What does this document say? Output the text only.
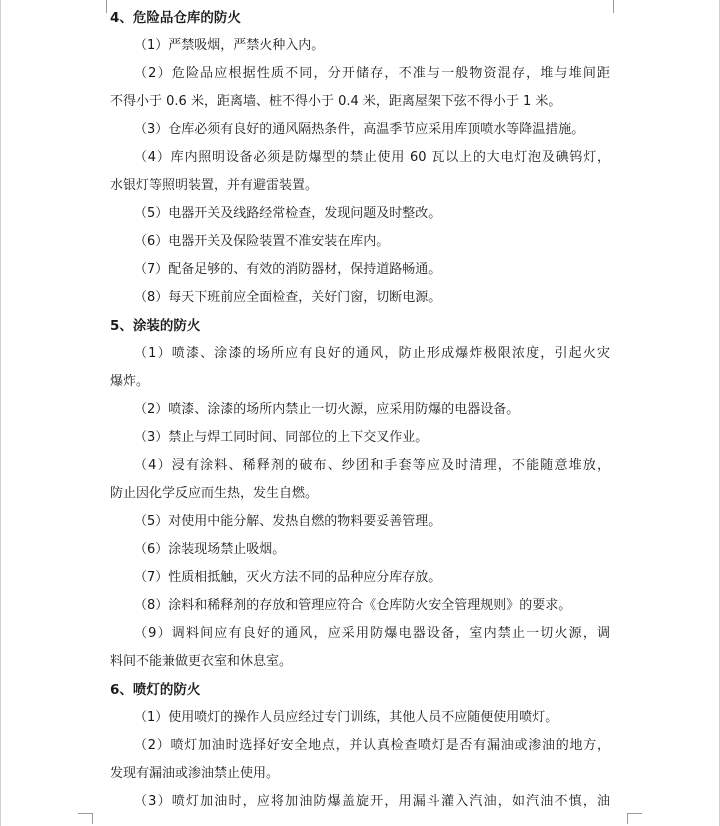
4、危险品仓库的防火
（1）严禁吸烟，严禁火种入内。
（2）危险品应根据性质不同，分开储存，不准与一般物资混存，堆与堆间距
不得小于 0.6 米，距离墙、桩不得小于 0.4 米，距离屋架下弦不得小于 1 米。
（3）仓库必须有良好的通风隔热条件，高温季节应采用库顶喷水等降温措施。
（4）库内照明设备必须是防爆型的禁止使用 60 瓦以上的大电灯泡及碘钨灯，
水银灯等照明装置，并有避雷装置。
（5）电器开关及线路经常检查，发现问题及时整改。
（6）电器开关及保险装置不准安装在库内。
（7）配备足够的、有效的消防器材，保持道路畅通。
（8）每天下班前应全面检查，关好门窗，切断电源。
5、涂装的防火
（1）喷漆、涂漆的场所应有良好的通风，防止形成爆炸极限浓度，引起火灾
爆炸。
（2）喷漆、涂漆的场所内禁止一切火源，应采用防爆的电器设备。
（3）禁止与焊工同时间、同部位的上下交叉作业。
（4）浸有涂料、稀释剂的破布、纱团和手套等应及时清理，不能随意堆放，
防止因化学反应而生热，发生自燃。
（5）对使用中能分解、发热自燃的物料要妥善管理。
（6）涂装现场禁止吸烟。
（7）性质相抵触，灭火方法不同的品种应分库存放。
（8）涂料和稀释剂的存放和管理应符合《仓库防火安全管理规则》的要求。
（9）调料间应有良好的通风，应采用防爆电器设备，室内禁止一切火源，调
料间不能兼做更衣室和休息室。
6、喷灯的防火
（1）使用喷灯的操作人员应经过专门训练，其他人员不应随便使用喷灯。
（2）喷灯加油时选择好安全地点，并认真检查喷灯是否有漏油或渗油的地方，
发现有漏油或渗油禁止使用。
（3）喷灯加油时，应将加油防爆盖旋开，用漏斗灌入汽油，如汽油不慎，油
